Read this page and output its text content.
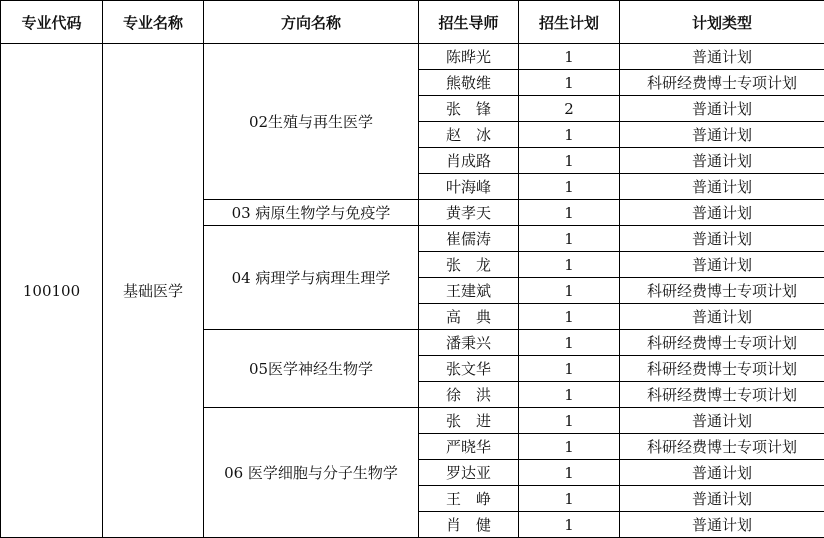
专业代码	专业名称	方向名称	招生导师	招生计划	计划类型
100100	基础医学	02生殖与再生医学	陈晔光	1	普通计划
			熊敬维	1	科研经费博士专项计划
			张　锋	2	普通计划
			赵　冰	1	普通计划
			肖成路	1	普通计划
			叶海峰	1	普通计划
		03 病原生物学与免疫学	黄孝天	1	普通计划
		04 病理学与病理生理学	崔儒涛	1	普通计划
			张　龙	1	普通计划
			王建斌	1	科研经费博士专项计划
			高　典	1	普通计划
		05医学神经生物学	潘秉兴	1	科研经费博士专项计划
			张文华	1	科研经费博士专项计划
			徐　洪	1	科研经费博士专项计划
		06 医学细胞与分子生物学	张　进	1	普通计划
			严晓华	1	科研经费博士专项计划
			罗达亚	1	普通计划
			王　峥	1	普通计划
			肖　健	1	普通计划
